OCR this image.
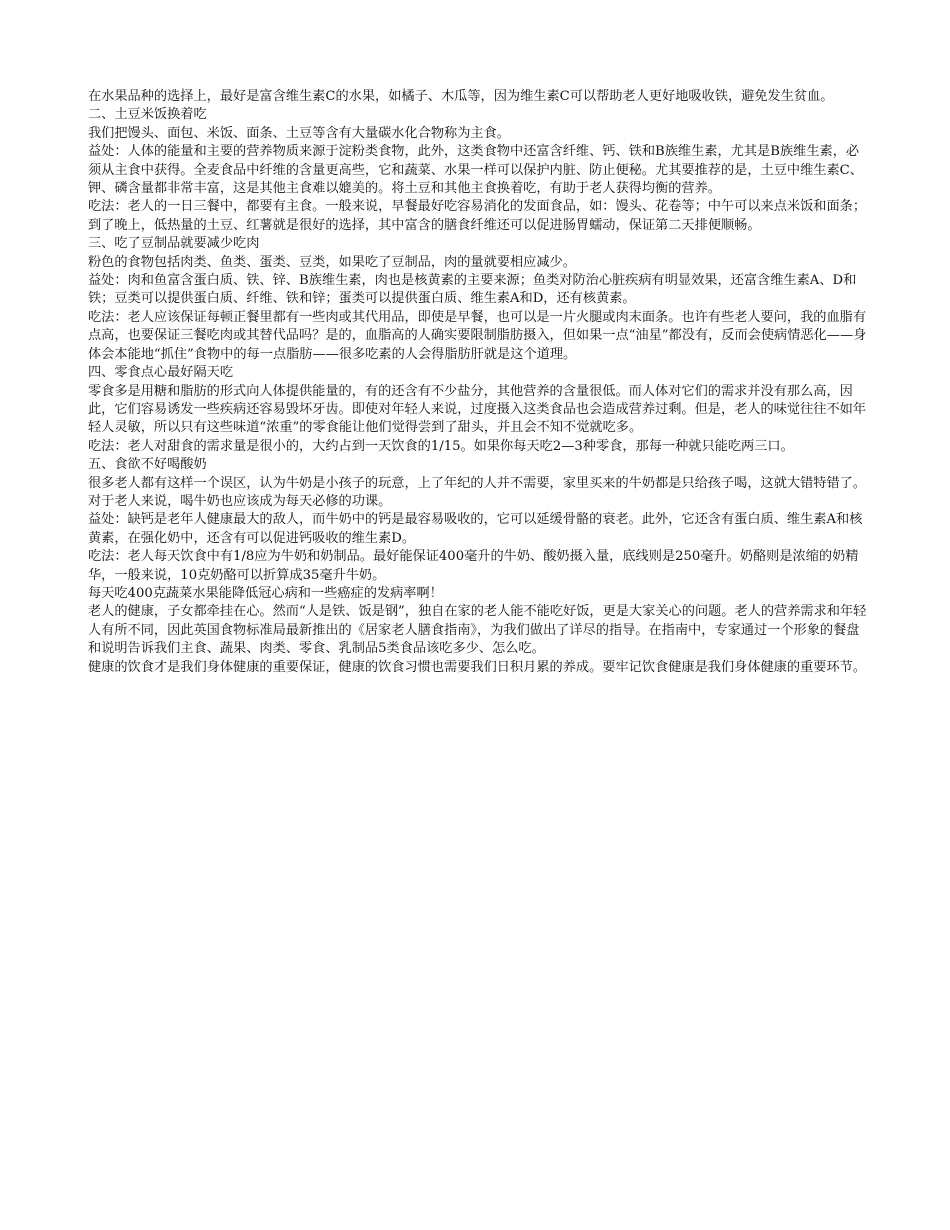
在水果品种的选择上，最好是富含维生素C的水果，如橘子、木瓜等，因为维生素C可以帮助老人更好地吸收铁，避免发生贫血。

二、土豆米饭换着吃

我们把馒头、面包、米饭、面条、土豆等含有大量碳水化合物称为主食。

益处：人体的能量和主要的营养物质来源于淀粉类食物，此外，这类食物中还富含纤维、钙、铁和B族维生素，尤其是B族维生素，必须从主食中获得。全麦食品中纤维的含量更高些，它和蔬菜、水果一样可以保护内脏、防止便秘。尤其要推荐的是，土豆中维生素C、钾、磷含量都非常丰富，这是其他主食难以媲美的。将土豆和其他主食换着吃，有助于老人获得均衡的营养。

吃法：老人的一日三餐中，都要有主食。一般来说，早餐最好吃容易消化的发面食品，如：馒头、花卷等；中午可以来点米饭和面条；到了晚上，低热量的土豆、红薯就是很好的选择，其中富含的膳食纤维还可以促进肠胃蠕动，保证第二天排便顺畅。

三、吃了豆制品就要减少吃肉

粉色的食物包括肉类、鱼类、蛋类、豆类，如果吃了豆制品，肉的量就要相应减少。

益处：肉和鱼富含蛋白质、铁、锌、B族维生素，肉也是核黄素的主要来源；鱼类对防治心脏疾病有明显效果，还富含维生素A、D和铁；豆类可以提供蛋白质、纤维、铁和锌；蛋类可以提供蛋白质、维生素A和D，还有核黄素。

吃法：老人应该保证每顿正餐里都有一些肉或其代用品，即使是早餐，也可以是一片火腿或肉末面条。也许有些老人要问，我的血脂有点高，也要保证三餐吃肉或其替代品吗？是的，血脂高的人确实要限制脂肪摄入，但如果一点“油星”都没有，反而会使病情恶化——身体会本能地“抓住”食物中的每一点脂肪——很多吃素的人会得脂肪肝就是这个道理。

四、零食点心最好隔天吃

零食多是用糖和脂肪的形式向人体提供能量的，有的还含有不少盐分，其他营养的含量很低。而人体对它们的需求并没有那么高，因此，它们容易诱发一些疾病还容易毁坏牙齿。即使对年轻人来说，过度摄入这类食品也会造成营养过剩。但是，老人的味觉往往不如年轻人灵敏，所以只有这些味道“浓重”的零食能让他们觉得尝到了甜头，并且会不知不觉就吃多。

吃法：老人对甜食的需求量是很小的，大约占到一天饮食的1/15。如果你每天吃2—3种零食，那每一种就只能吃两三口。

五、食欲不好喝酸奶

很多老人都有这样一个误区，认为牛奶是小孩子的玩意，上了年纪的人并不需要，家里买来的牛奶都是只给孩子喝，这就大错特错了。对于老人来说，喝牛奶也应该成为每天必修的功课。

益处：缺钙是老年人健康最大的敌人，而牛奶中的钙是最容易吸收的，它可以延缓骨骼的衰老。此外，它还含有蛋白质、维生素A和核黄素，在强化奶中，还含有可以促进钙吸收的维生素D。

吃法：老人每天饮食中有1/8应为牛奶和奶制品。最好能保证400毫升的牛奶、酸奶摄入量，底线则是250毫升。奶酪则是浓缩的奶精华，一般来说，10克奶酪可以折算成35毫升牛奶。

每天吃400克蔬菜水果能降低冠心病和一些癌症的发病率啊！

老人的健康，子女都牵挂在心。然而“人是铁、饭是钢”，独自在家的老人能不能吃好饭，更是大家关心的问题。老人的营养需求和年轻人有所不同，因此英国食物标准局最新推出的《居家老人膳食指南》，为我们做出了详尽的指导。在指南中，专家通过一个形象的餐盘和说明告诉我们主食、蔬果、肉类、零食、乳制品5类食品该吃多少、怎么吃。

健康的饮食才是我们身体健康的重要保证，健康的饮食习惯也需要我们日积月累的养成。要牢记饮食健康是我们身体健康的重要环节。
